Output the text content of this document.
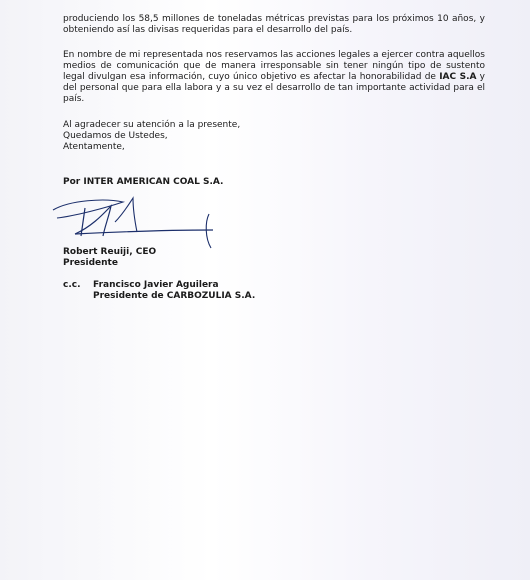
produciendo los 58,5 millones de toneladas métricas previstas para los próximos 10 años, y obteniendo así las divisas requeridas para el desarrollo del país.

En nombre de mi representada nos reservamos las acciones legales a ejercer contra aquellos medios de comunicación que de manera irresponsable sin tener ningún tipo de sustento legal divulgan esa información, cuyo único objetivo es afectar la honorabilidad de IAC S.A y del personal que para ella labora y a su vez el desarrollo de tan importante actividad para el país.

Al agradecer su atención a la presente,
Quedamos de Ustedes,
Atentamente,
Por INTER AMERICAN COAL S.A.
Robert Reuiji, CEO
Presidente
c.c. Francisco Javier Aguilera
Presidente de CARBOZULIA S.A.
